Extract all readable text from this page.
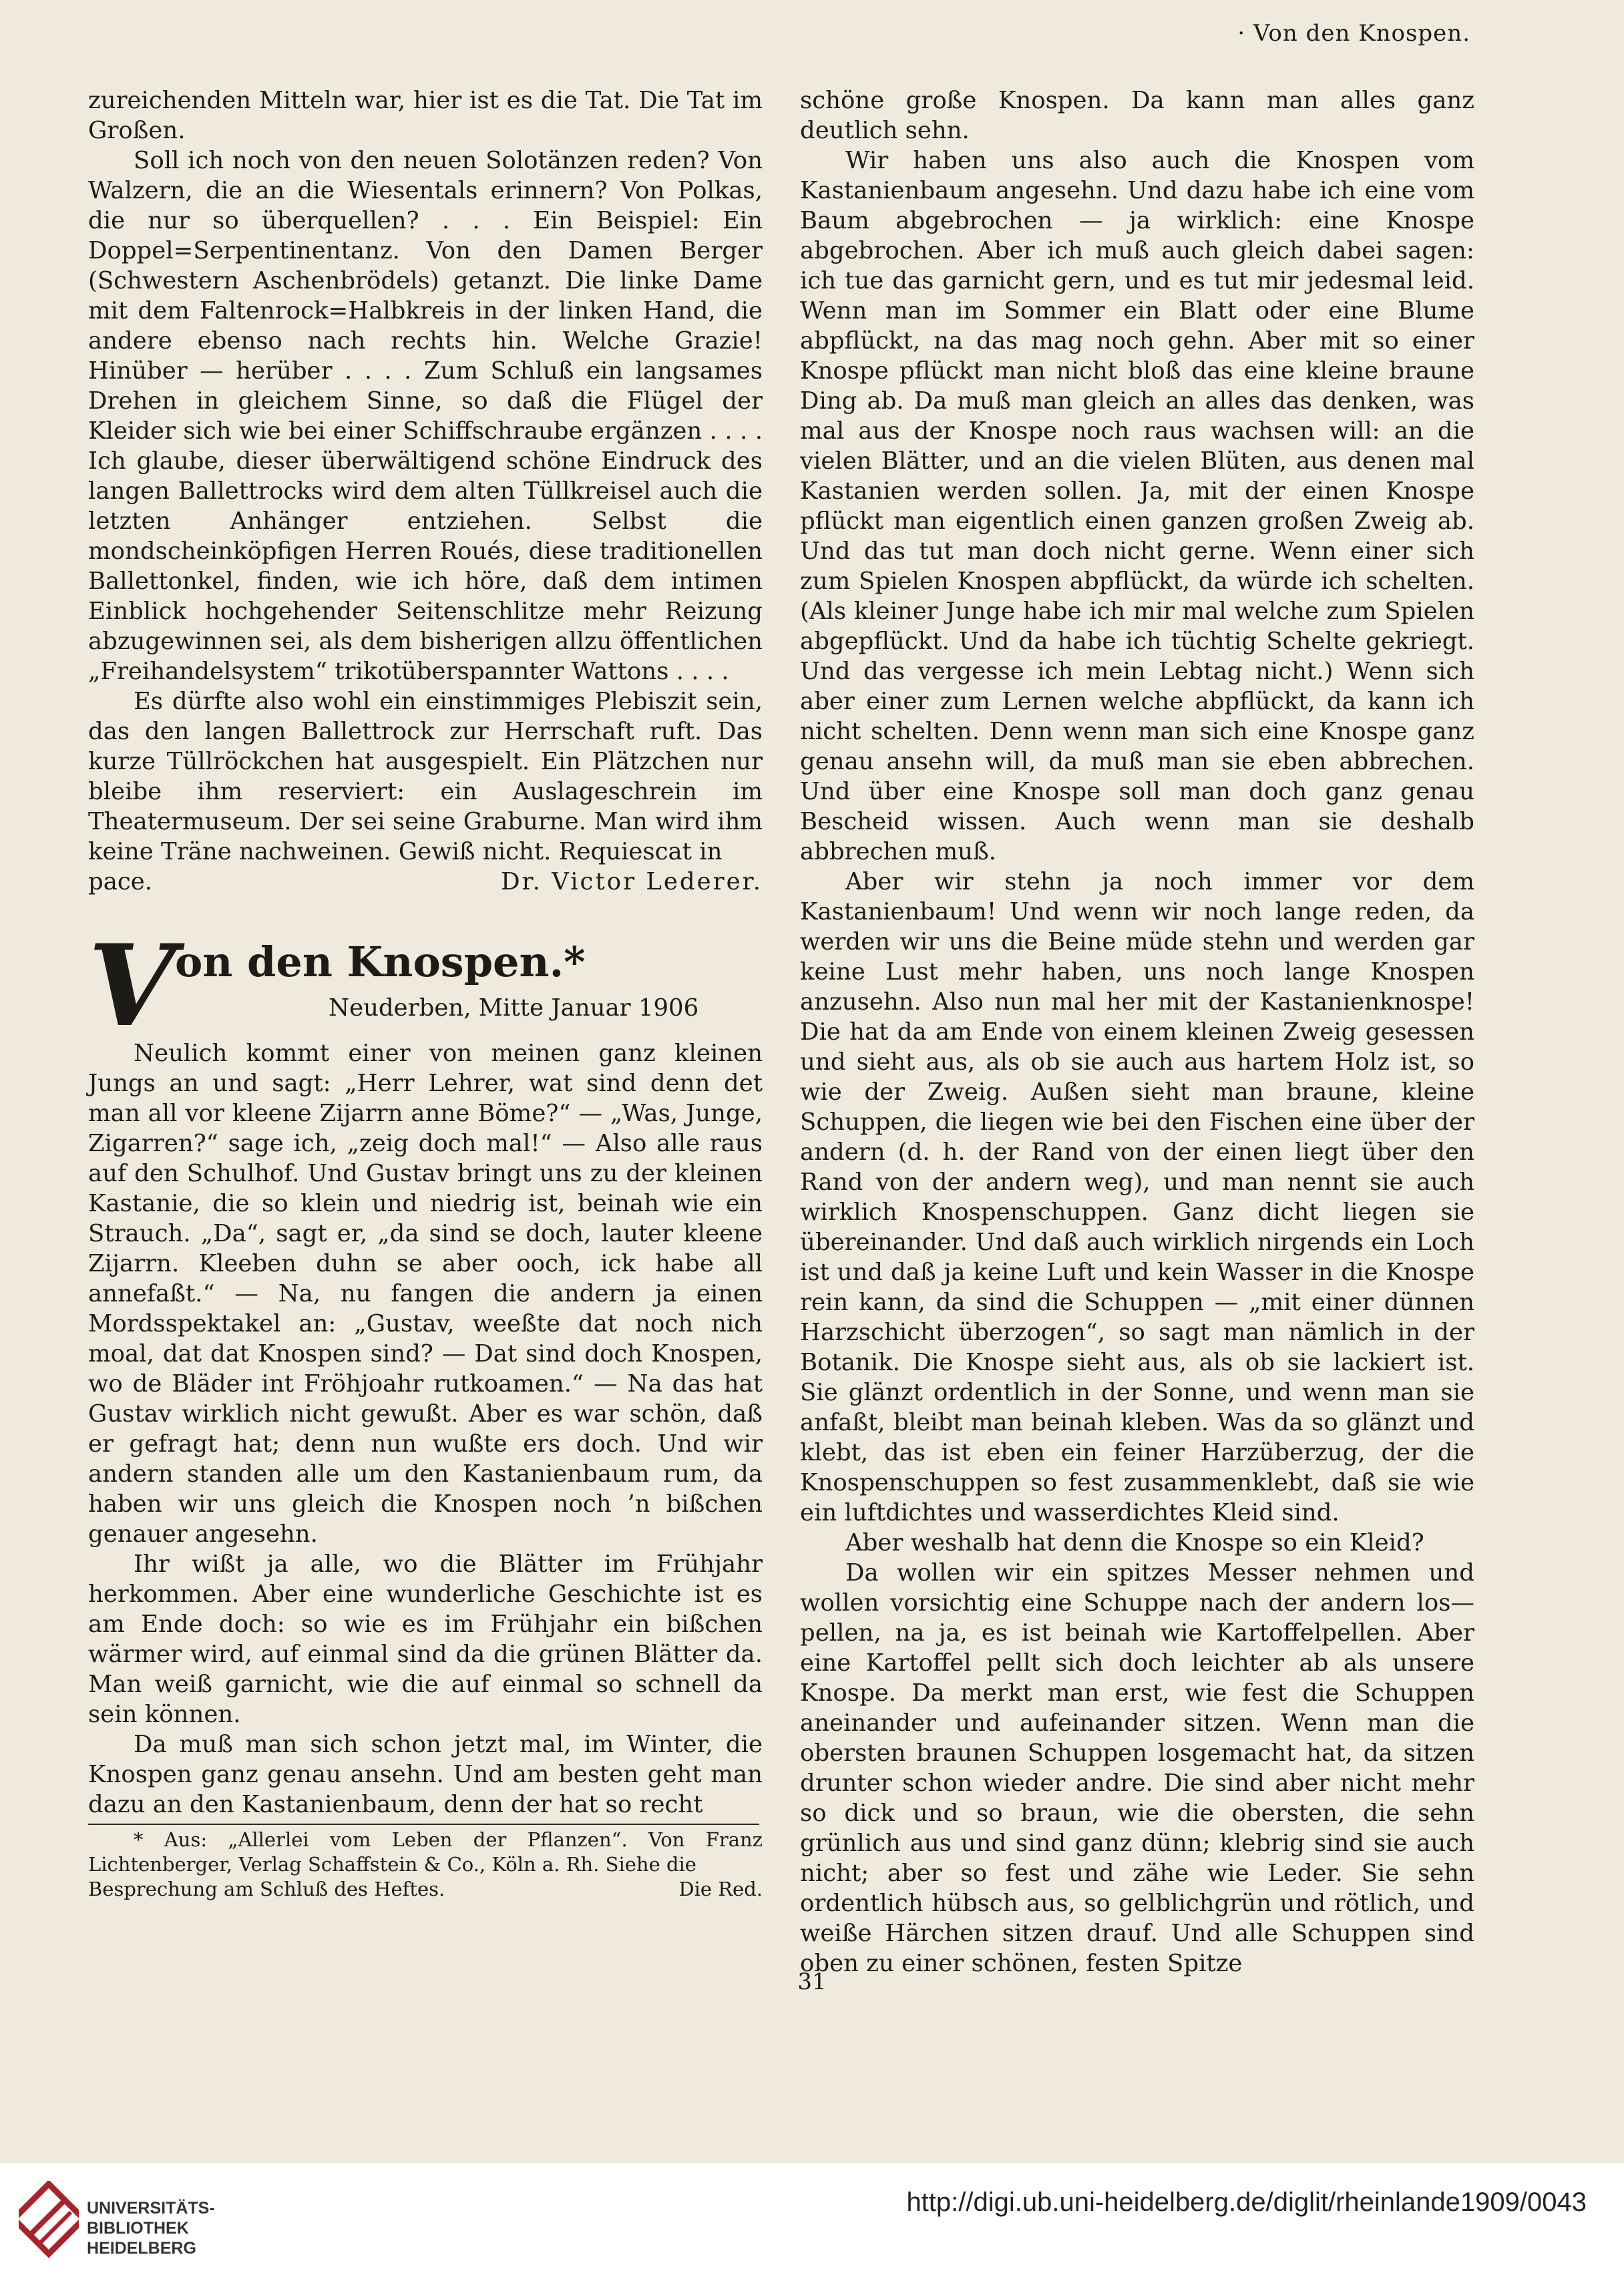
· Von den Knospen.

zureichenden Mitteln war, hier ist es die Tat. Die Tat im Großen.

Soll ich noch von den neuen Solotänzen reden? Von Walzern, die an die Wiesentals erinnern? Von Polkas, die nur so überquellen? . . . Ein Beispiel: Ein Doppel=Serpentinentanz. Von den Damen Berger (Schwestern Aschenbrödels) getanzt. Die linke Dame mit dem Faltenrock=Halbkreis in der linken Hand, die andere ebenso nach rechts hin. Welche Grazie! Hinüber — herüber . . . . Zum Schluß ein langsames Drehen in gleichem Sinne, so daß die Flügel der Kleider sich wie bei einer Schiffschraube ergänzen . . . . Ich glaube, dieser überwältigend schöne Eindruck des langen Ballettrocks wird dem alten Tüllkreisel auch die letzten Anhänger entziehen. Selbst die mondscheinköpfigen Herren Roués, diese traditionellen Ballettonkel, finden, wie ich höre, daß dem intimen Einblick hochgehender Seitenschlitze mehr Reizung abzugewinnen sei, als dem bisherigen allzu öffentlichen „Freihandelsystem“ trikotüberspannter Wattons . . . .

Es dürfte also wohl ein einstimmiges Plebiszit sein, das den langen Ballettrock zur Herrschaft ruft. Das kurze Tüllröckchen hat ausgespielt. Ein Plätzchen nur bleibe ihm reserviert: ein Auslageschrein im Theatermuseum. Der sei seine Graburne. Man wird ihm keine Träne nachweinen. Gewiß nicht. Requiescat in

pace.	Dr. Victor Lederer.
V on den Knospen.*
Neuderben, Mitte Januar 1906

Neulich kommt einer von meinen ganz kleinen Jungs an und sagt: „Herr Lehrer, wat sind denn det man all vor kleene Zijarrn anne Böme?“ — „Was, Junge, Zigarren?“ sage ich, „zeig doch mal!“ — Also alle raus auf den Schulhof. Und Gustav bringt uns zu der kleinen Kastanie, die so klein und niedrig ist, beinah wie ein Strauch. „Da“, sagt er, „da sind se doch, lauter kleene Zijarrn. Kleeben duhn se aber ooch, ick habe all annefaßt.“ — Na, nu fangen die andern ja einen Mordsspektakel an: „Gustav, weeßte dat noch nich moal, dat dat Knospen sind? — Dat sind doch Knospen, wo de Bläder int Fröhjoahr rutkoamen.“ — Na das hat Gustav wirklich nicht gewußt. Aber es war schön, daß er gefragt hat; denn nun wußte ers doch. Und wir andern standen alle um den Kastanienbaum rum, da haben wir uns gleich die Knospen noch ’n bißchen genauer angesehn.

Ihr wißt ja alle, wo die Blätter im Frühjahr herkommen. Aber eine wunderliche Geschichte ist es am Ende doch: so wie es im Frühjahr ein bißchen wärmer wird, auf einmal sind da die grünen Blätter da. Man weiß garnicht, wie die auf einmal so schnell da sein können.

Da muß man sich schon jetzt mal, im Winter, die Knospen ganz genau ansehn. Und am besten geht man dazu an den Kastanienbaum, denn der hat so recht

* Aus: „Allerlei vom Leben der Pflanzen“. Von Franz Lichtenberger, Verlag Schaffstein & Co., Köln a. Rh. Siehe die

Besprechung am Schluß des Heftes.	Die Red.

schöne große Knospen. Da kann man alles ganz deutlich sehn.

Wir haben uns also auch die Knospen vom Kastanienbaum angesehn. Und dazu habe ich eine vom Baum abgebrochen — ja wirklich: eine Knospe abgebrochen. Aber ich muß auch gleich dabei sagen: ich tue das garnicht gern, und es tut mir jedesmal leid. Wenn man im Sommer ein Blatt oder eine Blume abpflückt, na das mag noch gehn. Aber mit so einer Knospe pflückt man nicht bloß das eine kleine braune Ding ab. Da muß man gleich an alles das denken, was mal aus der Knospe noch raus wachsen will: an die vielen Blätter, und an die vielen Blüten, aus denen mal Kastanien werden sollen. Ja, mit der einen Knospe pflückt man eigentlich einen ganzen großen Zweig ab. Und das tut man doch nicht gerne. Wenn einer sich zum Spielen Knospen abpflückt, da würde ich schelten. (Als kleiner Junge habe ich mir mal welche zum Spielen abgepflückt. Und da habe ich tüchtig Schelte gekriegt. Und das vergesse ich mein Lebtag nicht.) Wenn sich aber einer zum Lernen welche abpflückt, da kann ich nicht schelten. Denn wenn man sich eine Knospe ganz genau ansehn will, da muß man sie eben abbrechen. Und über eine Knospe soll man doch ganz genau Bescheid wissen. Auch wenn man sie deshalb abbrechen muß.

Aber wir stehn ja noch immer vor dem Kastanienbaum! Und wenn wir noch lange reden, da werden wir uns die Beine müde stehn und werden gar keine Lust mehr haben, uns noch lange Knospen anzusehn. Also nun mal her mit der Kastanienknospe! Die hat da am Ende von einem kleinen Zweig gesessen und sieht aus, als ob sie auch aus hartem Holz ist, so wie der Zweig. Außen sieht man braune, kleine Schuppen, die liegen wie bei den Fischen eine über der andern (d. h. der Rand von der einen liegt über den Rand von der andern weg), und man nennt sie auch wirklich Knospenschuppen. Ganz dicht liegen sie übereinander. Und daß auch wirklich nirgends ein Loch ist und daß ja keine Luft und kein Wasser in die Knospe rein kann, da sind die Schuppen — „mit einer dünnen Harzschicht überzogen“, so sagt man nämlich in der Botanik. Die Knospe sieht aus, als ob sie lackiert ist. Sie glänzt ordentlich in der Sonne, und wenn man sie anfaßt, bleibt man beinah kleben. Was da so glänzt und klebt, das ist eben ein feiner Harzüberzug, der die Knospenschuppen so fest zusammenklebt, daß sie wie ein luftdichtes und wasserdichtes Kleid sind.

Aber weshalb hat denn die Knospe so ein Kleid?

Da wollen wir ein spitzes Messer nehmen und wollen vorsichtig eine Schuppe nach der andern los—pellen, na ja, es ist beinah wie Kartoffelpellen. Aber eine Kartoffel pellt sich doch leichter ab als unsere Knospe. Da merkt man erst, wie fest die Schuppen aneinander und aufeinander sitzen. Wenn man die obersten braunen Schuppen losgemacht hat, da sitzen drunter schon wieder andre. Die sind aber nicht mehr so dick und so braun, wie die obersten, die sehn grünlich aus und sind ganz dünn; klebrig sind sie auch nicht; aber so fest und zähe wie Leder. Sie sehn ordentlich hübsch aus, so gelblichgrün und rötlich, und weiße Härchen sitzen drauf. Und alle Schuppen sind oben zu einer schönen, festen Spitze

31
UNIVERSITÄTS-
BIBLIOTHEK
HEIDELBERG
http://digi.ub.uni-heidelberg.de/diglit/rheinlande1909/0043
